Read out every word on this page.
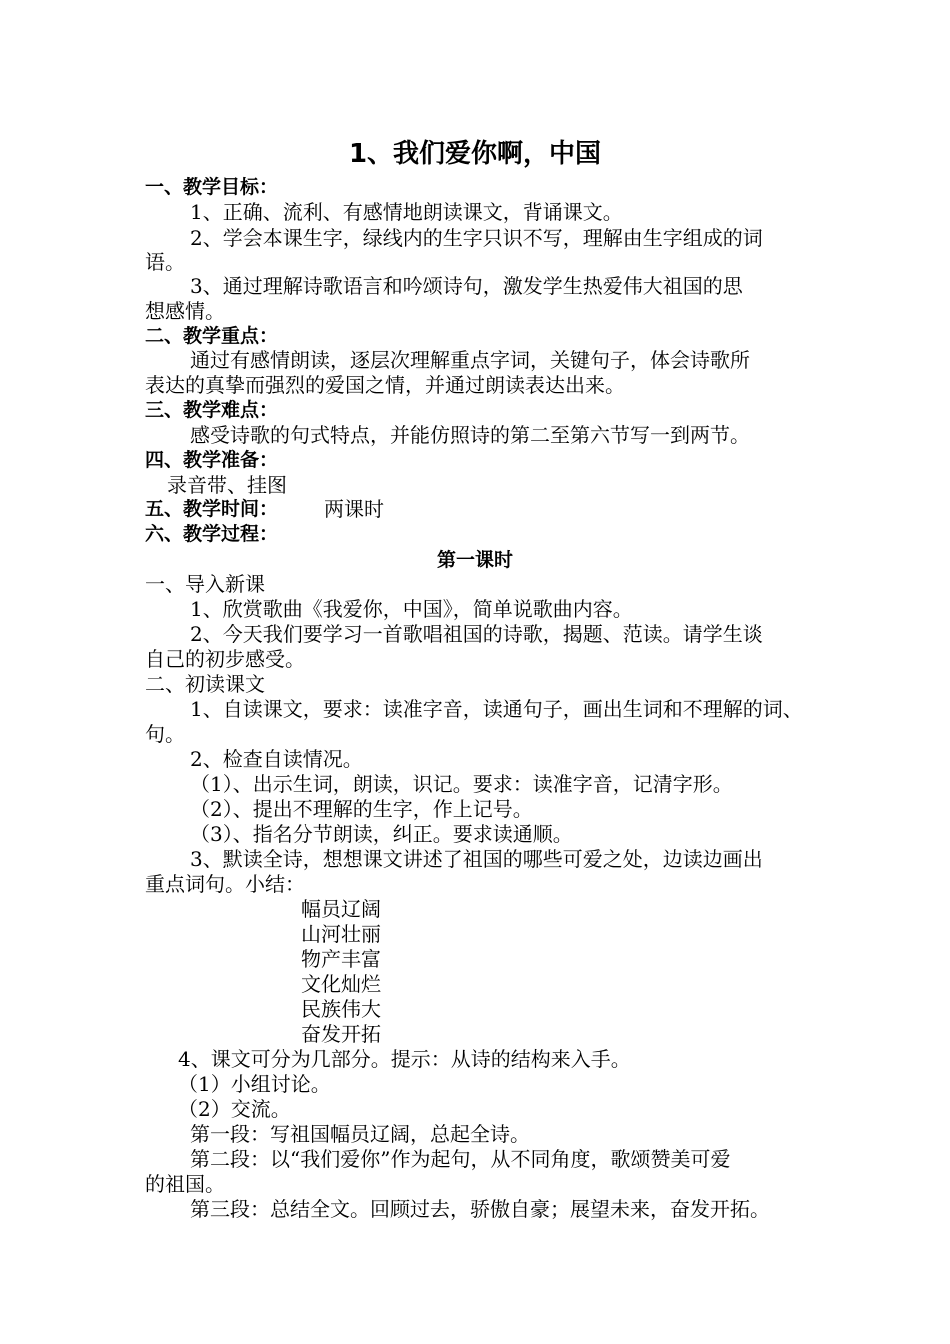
1、我们爱你啊，中国
一、教学目标：
1、正确、流利、有感情地朗读课文，背诵课文。
2、学会本课生字，绿线内的生字只识不写，理解由生字组成的词
语。
3、通过理解诗歌语言和吟颂诗句，激发学生热爱伟大祖国的思
想感情。
二、教学重点：
通过有感情朗读，逐层次理解重点字词，关键句子，体会诗歌所
表达的真挚而强烈的爱国之情，并通过朗读表达出来。
三、教学难点：
感受诗歌的句式特点，并能仿照诗的第二至第六节写一到两节。
四、教学准备：
录音带、挂图
五、教学时间： 两课时
六、教学过程：
第一课时
一、导入新课
1、欣赏歌曲《我爱你，中国》，简单说歌曲内容。
2、今天我们要学习一首歌唱祖国的诗歌，揭题、范读。请学生谈
自己的初步感受。
二、初读课文
1、自读课文，要求：读准字音，读通句子，画出生词和不理解的词、
句。
2、检查自读情况。
（1）、出示生词，朗读，识记。要求：读准字音，记清字形。
（2）、提出不理解的生字，作上记号。
（3）、指名分节朗读，纠正。要求读通顺。
3、默读全诗，想想课文讲述了祖国的哪些可爱之处，边读边画出
重点词句。小结：
幅员辽阔
山河壮丽
物产丰富
文化灿烂
民族伟大
奋发开拓
4、课文可分为几部分。提示：从诗的结构来入手。
（1）小组讨论。
（2）交流。
第一段：写祖国幅员辽阔，总起全诗。
第二段：以“我们爱你”作为起句，从不同角度，歌颂赞美可爱
的祖国。
第三段：总结全文。回顾过去，骄傲自豪；展望未来，奋发开拓。
